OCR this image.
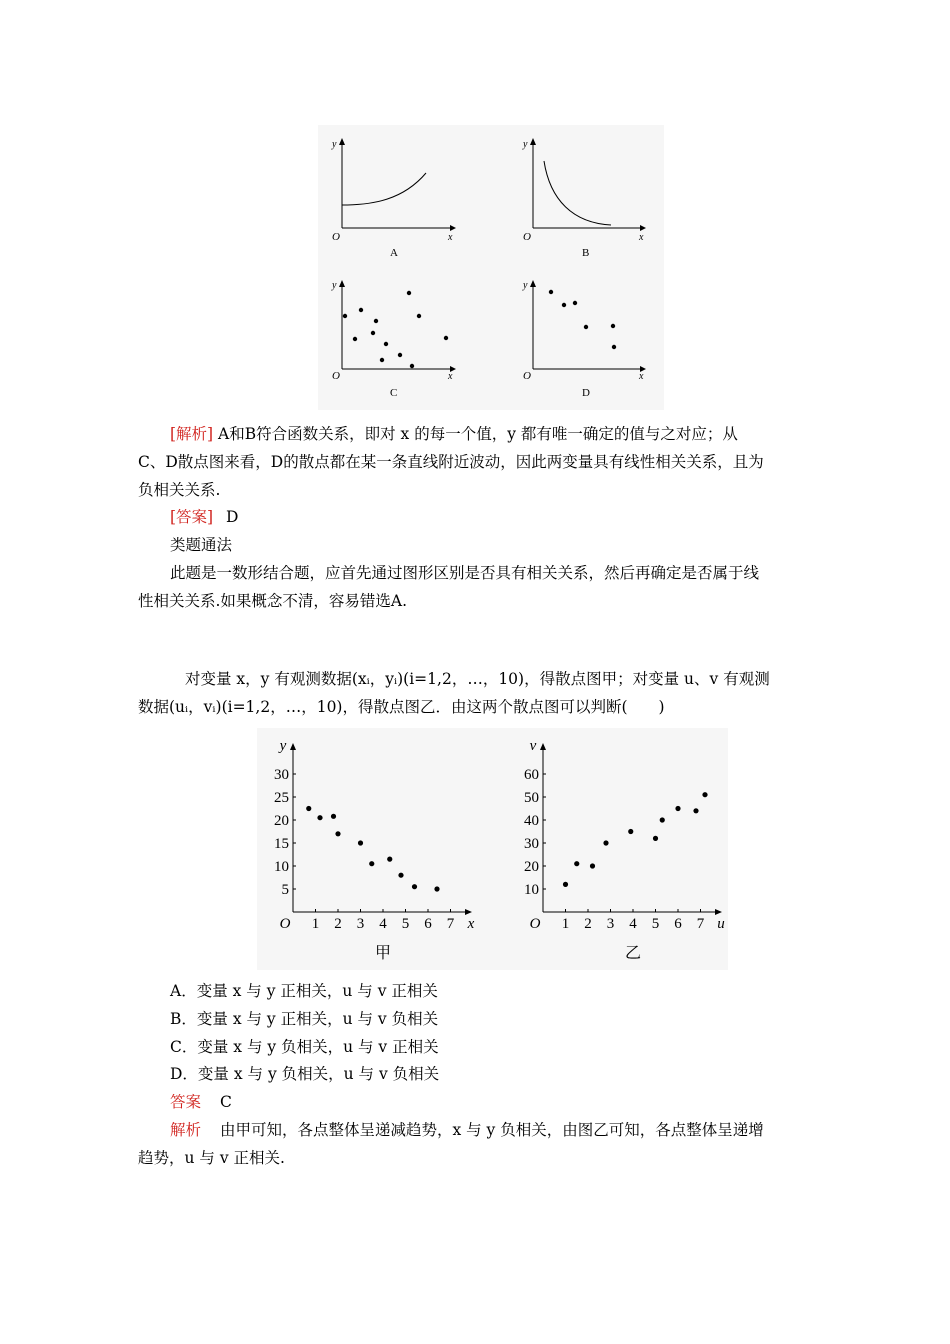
y
x
O
A
y
x
O
B
y
x
O
C
y
x
O
D
[解析] A和B符合函数关系，即对 x 的每一个值，y 都有唯一确定的值与之对应；从
C、D散点图来看，D的散点都在某一条直线附近波动，因此两变量具有线性相关关系，且为
负相关关系.
[答案] D
类题通法
此题是一数形结合题，应首先通过图形区别是否具有相关关系，然后再确定是否属于线
性相关关系.如果概念不清，容易错选A.
对变量 x，y 有观测数据(xᵢ，yᵢ)(i=1,2，…，10)，得散点图甲；对变量 u、v 有观测
数据(uᵢ，vᵢ)(i=1,2，…，10)，得散点图乙．由这两个散点图可以判断(　　)
1 2 3 4 5 6 7
5
10
15
20
25
30
y
x
O
甲
1 2 3 4 5 6 7
10
20
30
40
50
60
v
u
O
乙
A．变量 x 与 y 正相关，u 与 v 正相关
B．变量 x 与 y 正相关，u 与 v 负相关
C．变量 x 与 y 负相关，u 与 v 正相关
D．变量 x 与 y 负相关，u 与 v 负相关
答案 C
解析 由甲可知，各点整体呈递减趋势，x 与 y 负相关，由图乙可知，各点整体呈递增
趋势，u 与 v 正相关.
